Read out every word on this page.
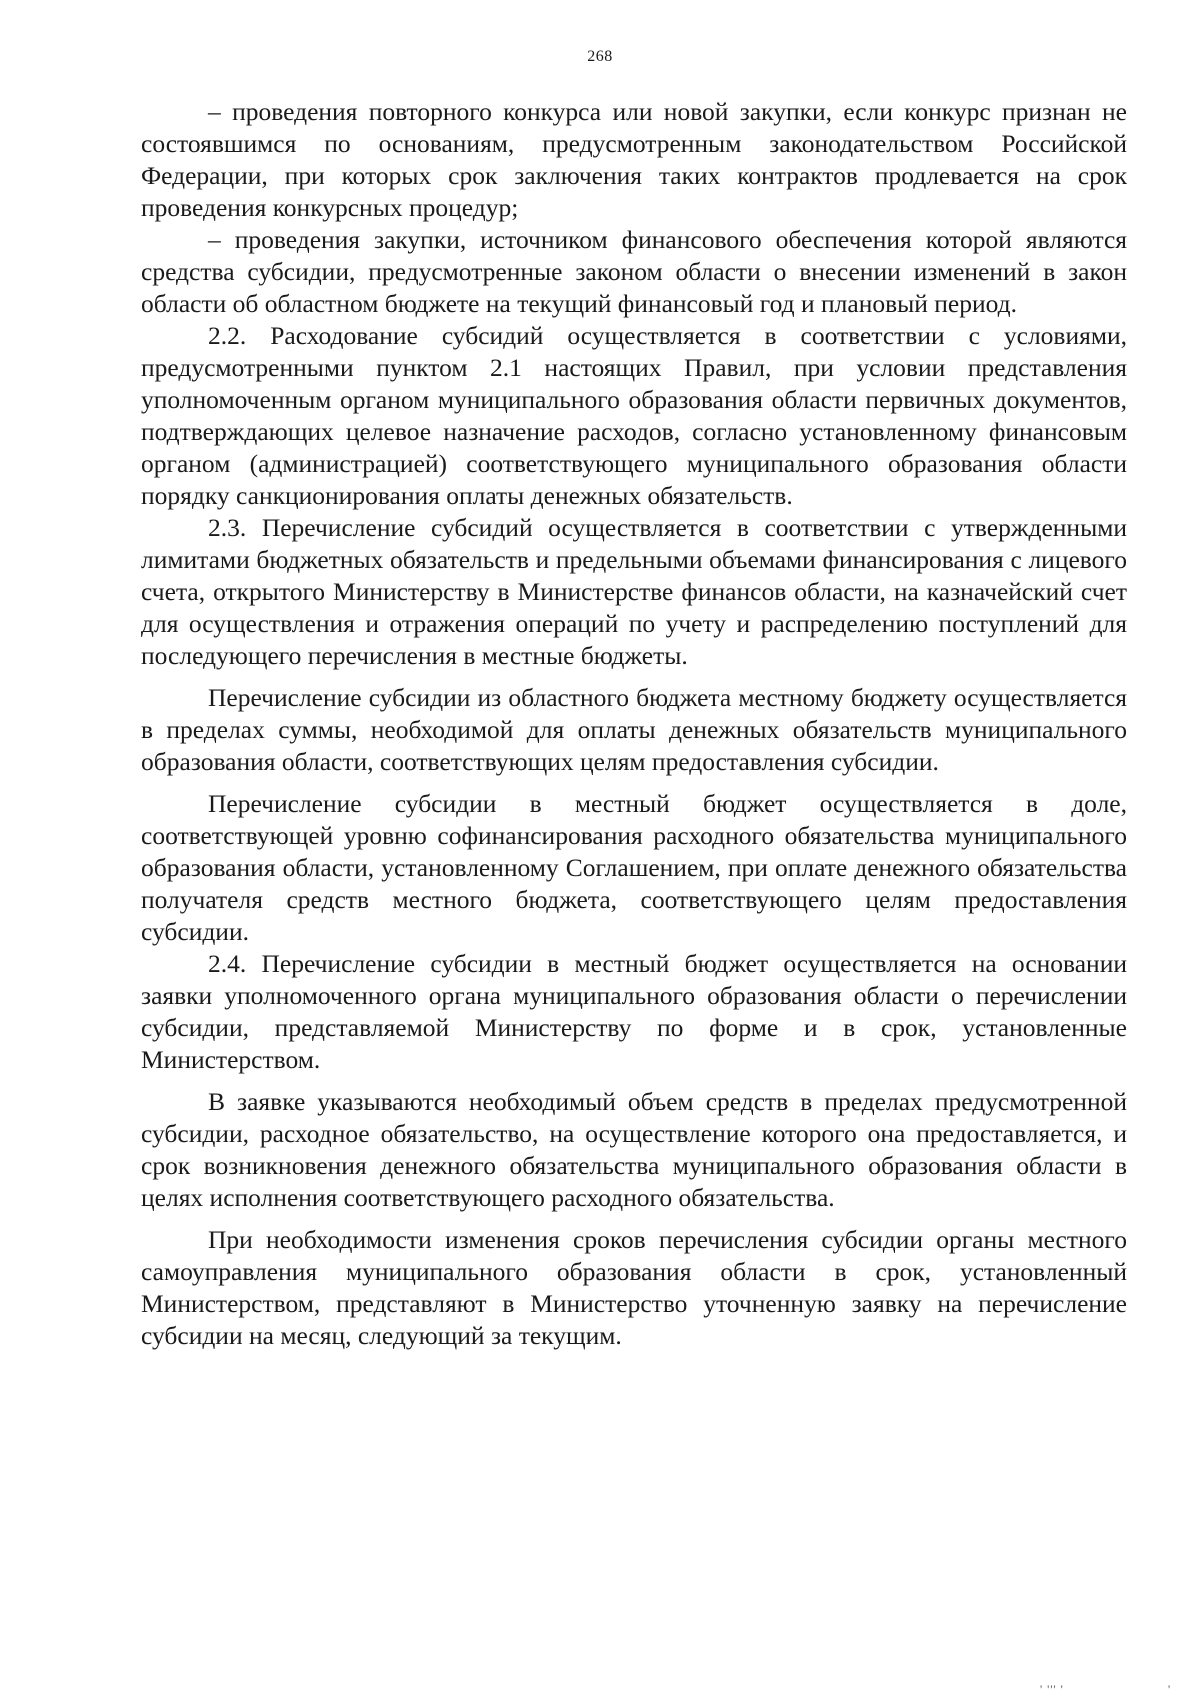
268

– проведения повторного конкурса или новой закупки, если конкурс признан не состоявшимся по основаниям, предусмотренным законодательством Российской Федерации, при которых срок заключения таких контрактов продлевается на срок проведения конкурсных процедур;

– проведения закупки, источником финансового обеспечения которой являются средства субсидии, предусмотренные законом области о внесении изменений в закон области об областном бюджете на текущий финансовый год и плановый период.

2.2. Расходование субсидий осуществляется в соответствии с условиями, предусмотренными пунктом 2.1 настоящих Правил, при условии представления уполномоченным органом муниципального образования области первичных документов, подтверждающих целевое назначение расходов, согласно установленному финансовым органом (администрацией) соответствующего муниципального образования области порядку санкционирования оплаты денежных обязательств.

2.3. Перечисление субсидий осуществляется в соответствии с утвержденными лимитами бюджетных обязательств и предельными объемами финансирования с лицевого счета, открытого Министерству в Министерстве финансов области, на казначейский счет для осуществления и отражения операций по учету и распределению поступлений для последующего перечисления в местные бюджеты.

Перечисление субсидии из областного бюджета местному бюджету осуществляется в пределах суммы, необходимой для оплаты денежных обязательств муниципального образования области, соответствующих целям предоставления субсидии.

Перечисление субсидии в местный бюджет осуществляется в доле, соответствующей уровню софинансирования расходного обязательства муниципального образования области, установленному Соглашением, при оплате денежного обязательства получателя средств местного бюджета, соответствующего целям предоставления субсидии.

2.4. Перечисление субсидии в местный бюджет осуществляется на основании заявки уполномоченного органа муниципального образования области о перечислении субсидии, представляемой Министерству по форме и в срок, установленные Министерством.

В заявке указываются необходимый объем средств в пределах предусмотренной субсидии, расходное обязательство, на осуществление которого она предоставляется, и срок возникновения денежного обязательства муниципального образования области в целях исполнения соответствующего расходного обязательства.

При необходимости изменения сроков перечисления субсидии органы местного самоуправления муниципального образования области в срок, установленный Министерством, представляют в Министерство уточненную заявку на перечисление субсидии на месяц, следующий за текущим.

' ''' '	'
